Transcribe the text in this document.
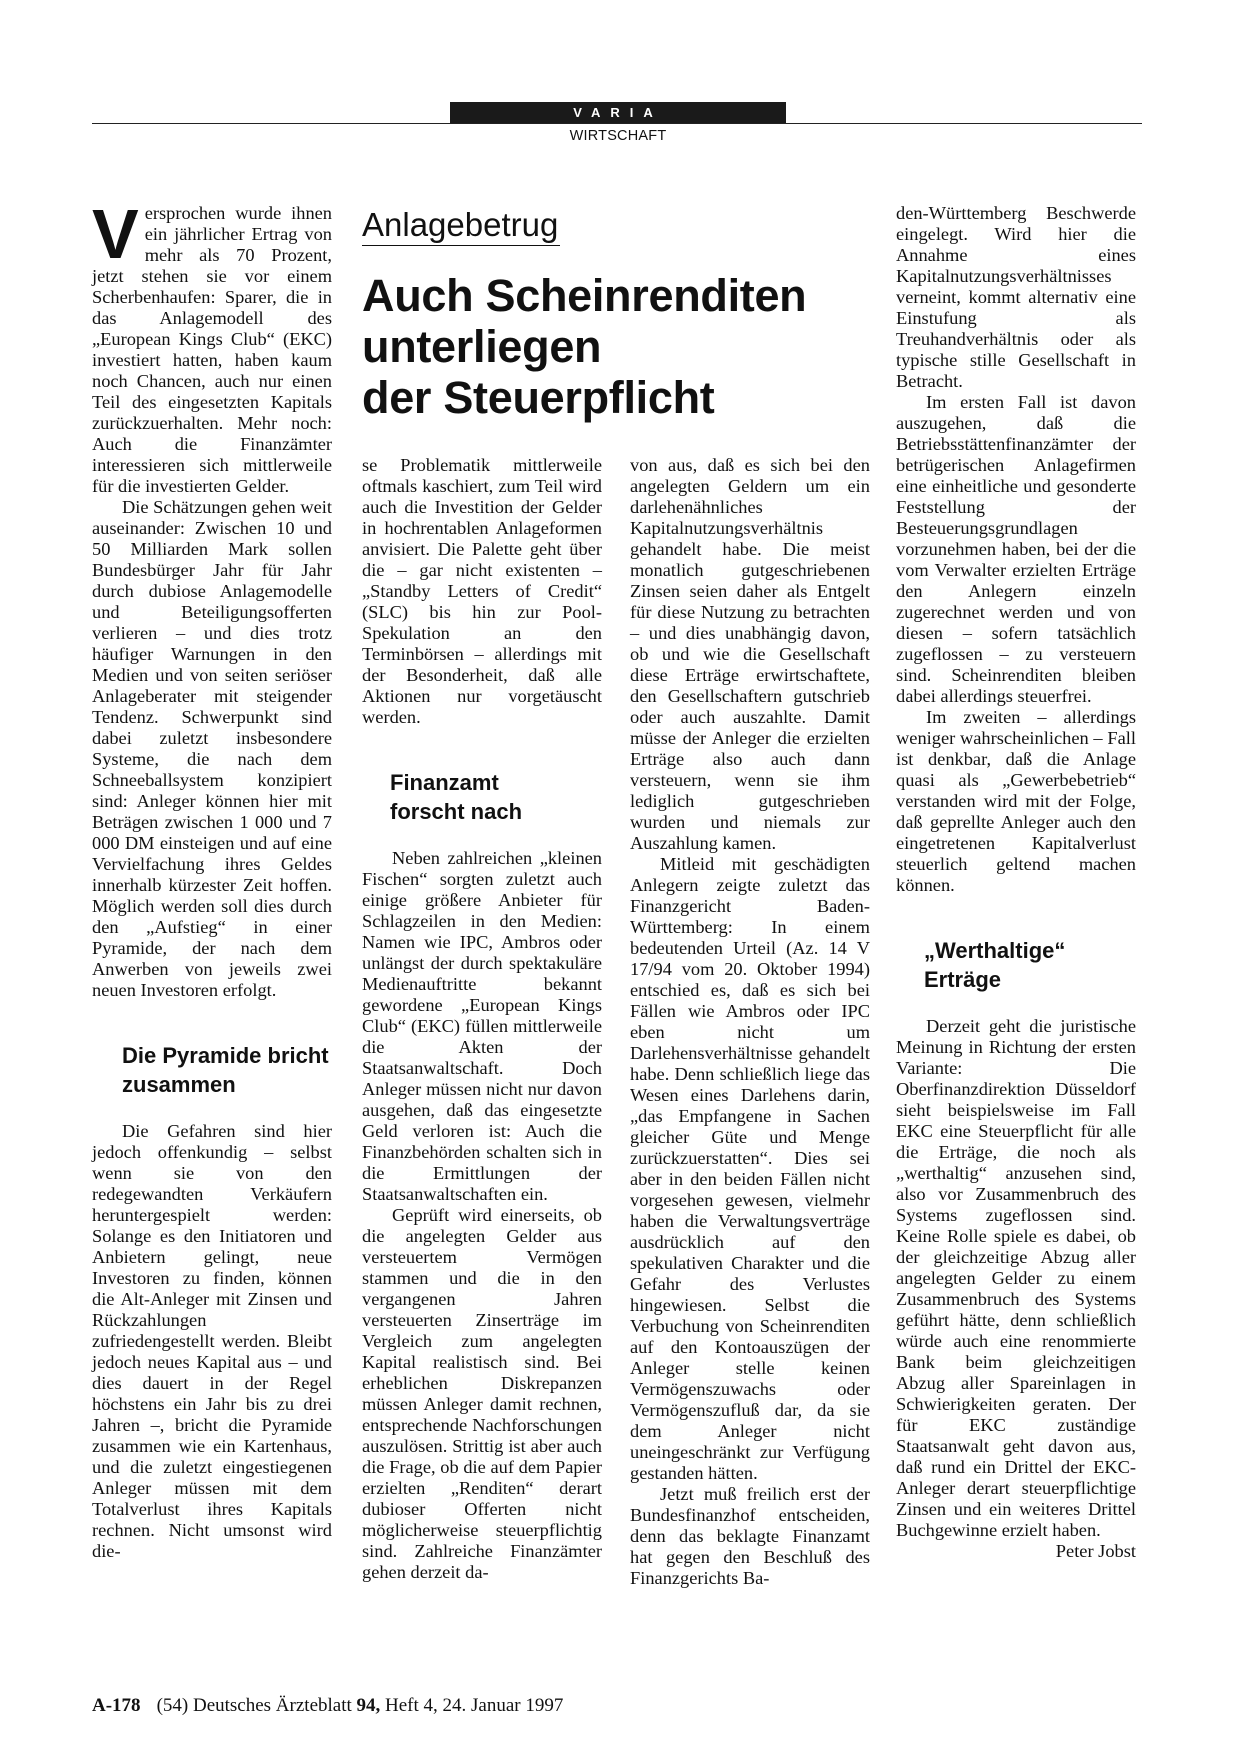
VARIA
WIRTSCHAFT

Versprochen wurde ihnen ein jährlicher Ertrag von mehr als 70 Prozent, jetzt stehen sie vor einem Scherbenhaufen: Sparer, die in das Anlagemodell des „European Kings Club“ (EKC) investiert hatten, haben kaum noch Chancen, auch nur einen Teil des eingesetzten Kapitals zurückzuerhalten. Mehr noch: Auch die Finanzämter interessieren sich mittlerweile für die investierten Gelder.

Die Schätzungen gehen weit auseinander: Zwischen 10 und 50 Milliarden Mark sollen Bundesbürger Jahr für Jahr durch dubiose Anlagemodelle und Beteiligungsofferten verlieren – und dies trotz häufiger Warnungen in den Medien und von seiten seriöser Anlageberater mit steigender Tendenz. Schwerpunkt sind dabei zuletzt insbesondere Systeme, die nach dem Schneeballsystem konzipiert sind: Anleger können hier mit Beträgen zwischen 1 000 und 7 000 DM einsteigen und auf eine Vervielfachung ihres Geldes innerhalb kürzester Zeit hoffen. Möglich werden soll dies durch den „Aufstieg“ in einer Pyramide, der nach dem Anwerben von jeweils zwei neuen Investoren erfolgt.

Die Pyramide bricht zusammen

Die Gefahren sind hier jedoch offenkundig – selbst wenn sie von den redegewandten Verkäufern heruntergespielt werden: Solange es den Initiatoren und Anbietern gelingt, neue Investoren zu finden, können die Alt-Anleger mit Zinsen und Rückzahlungen zufriedengestellt werden. Bleibt jedoch neues Kapital aus – und dies dauert in der Regel höchstens ein Jahr bis zu drei Jahren –, bricht die Pyramide zusammen wie ein Kartenhaus, und die zuletzt eingestiegenen Anleger müssen mit dem Totalverlust ihres Kapitals rechnen. Nicht umsonst wird die-

Anlagebetrug
Auch Scheinrenditen
unterliegen
der Steuerpflicht

se Problematik mittlerweile oftmals kaschiert, zum Teil wird auch die Investition der Gelder in hochrentablen Anlageformen anvisiert. Die Palette geht über die – gar nicht existenten – „Standby Letters of Credit“ (SLC) bis hin zur Pool-Spekulation an den Terminbörsen – allerdings mit der Besonderheit, daß alle Aktionen nur vorgetäuscht werden.

Finanzamt forscht nach

Neben zahlreichen „kleinen Fischen“ sorgten zuletzt auch einige größere Anbieter für Schlagzeilen in den Medien: Namen wie IPC, Ambros oder unlängst der durch spektakuläre Medienauftritte bekannt gewordene „European Kings Club“ (EKC) füllen mittlerweile die Akten der Staatsanwaltschaft. Doch Anleger müssen nicht nur davon ausgehen, daß das eingesetzte Geld verloren ist: Auch die Finanzbehörden schalten sich in die Ermittlungen der Staatsanwaltschaften ein.

Geprüft wird einerseits, ob die angelegten Gelder aus versteuertem Vermögen stammen und die in den vergangenen Jahren versteuerten Zinserträge im Vergleich zum angelegten Kapital realistisch sind. Bei erheblichen Diskrepanzen müssen Anleger damit rechnen, entsprechende Nachforschungen auszulösen. Strittig ist aber auch die Frage, ob die auf dem Papier erzielten „Renditen“ derart dubioser Offerten nicht möglicherweise steuerpflichtig sind. Zahlreiche Finanzämter gehen derzeit da-

von aus, daß es sich bei den angelegten Geldern um ein darlehenähnliches Kapitalnutzungsverhältnis gehandelt habe. Die meist monatlich gutgeschriebenen Zinsen seien daher als Entgelt für diese Nutzung zu betrachten – und dies unabhängig davon, ob und wie die Gesellschaft diese Erträge erwirtschaftete, den Gesellschaftern gutschrieb oder auch auszahlte. Damit müsse der Anleger die erzielten Erträge also auch dann versteuern, wenn sie ihm lediglich gutgeschrieben wurden und niemals zur Auszahlung kamen.

Mitleid mit geschädigten Anlegern zeigte zuletzt das Finanzgericht Baden-Württemberg: In einem bedeutenden Urteil (Az. 14 V 17/94 vom 20. Oktober 1994) entschied es, daß es sich bei Fällen wie Ambros oder IPC eben nicht um Darlehensverhältnisse gehandelt habe. Denn schließlich liege das Wesen eines Darlehens darin, „das Empfangene in Sachen gleicher Güte und Menge zurückzuerstatten“. Dies sei aber in den beiden Fällen nicht vorgesehen gewesen, vielmehr haben die Verwaltungsverträge ausdrücklich auf den spekulativen Charakter und die Gefahr des Verlustes hingewiesen. Selbst die Verbuchung von Scheinrenditen auf den Kontoauszügen der Anleger stelle keinen Vermögenszuwachs oder Vermögenszufluß dar, da sie dem Anleger nicht uneingeschränkt zur Verfügung gestanden hätten.

Jetzt muß freilich erst der Bundesfinanzhof entscheiden, denn das beklagte Finanzamt hat gegen den Beschluß des Finanzgerichts Ba-

den-Württemberg Beschwerde eingelegt. Wird hier die Annahme eines Kapitalnutzungsverhältnisses verneint, kommt alternativ eine Einstufung als Treuhandverhältnis oder als typische stille Gesellschaft in Betracht.

Im ersten Fall ist davon auszugehen, daß die Betriebsstättenfinanzämter der betrügerischen Anlagefirmen eine einheitliche und gesonderte Feststellung der Besteuerungsgrundlagen vorzunehmen haben, bei der die vom Verwalter erzielten Erträge den Anlegern einzeln zugerechnet werden und von diesen – sofern tatsächlich zugeflossen – zu versteuern sind. Scheinrenditen bleiben dabei allerdings steuerfrei.

Im zweiten – allerdings weniger wahrscheinlichen – Fall ist denkbar, daß die Anlage quasi als „Gewerbebetrieb“ verstanden wird mit der Folge, daß geprellte Anleger auch den eingetretenen Kapitalverlust steuerlich geltend machen können.

„Werthaltige“ Erträge

Derzeit geht die juristische Meinung in Richtung der ersten Variante: Die Oberfinanzdirektion Düsseldorf sieht beispielsweise im Fall EKC eine Steuerpflicht für alle die Erträge, die noch als „werthaltig“ anzusehen sind, also vor Zusammenbruch des Systems zugeflossen sind. Keine Rolle spiele es dabei, ob der gleichzeitige Abzug aller angelegten Gelder zu einem Zusammenbruch des Systems geführt hätte, denn schließlich würde auch eine renommierte Bank beim gleichzeitigen Abzug aller Spareinlagen in Schwierigkeiten geraten. Der für EKC zuständige Staatsanwalt geht davon aus, daß rund ein Drittel der EKC-Anleger derart steuerpflichtige Zinsen und ein weiteres Drittel Buchgewinne erzielt haben.
Peter Jobst

A-178 (54) Deutsches Ärzteblatt 94, Heft 4, 24. Januar 1997
